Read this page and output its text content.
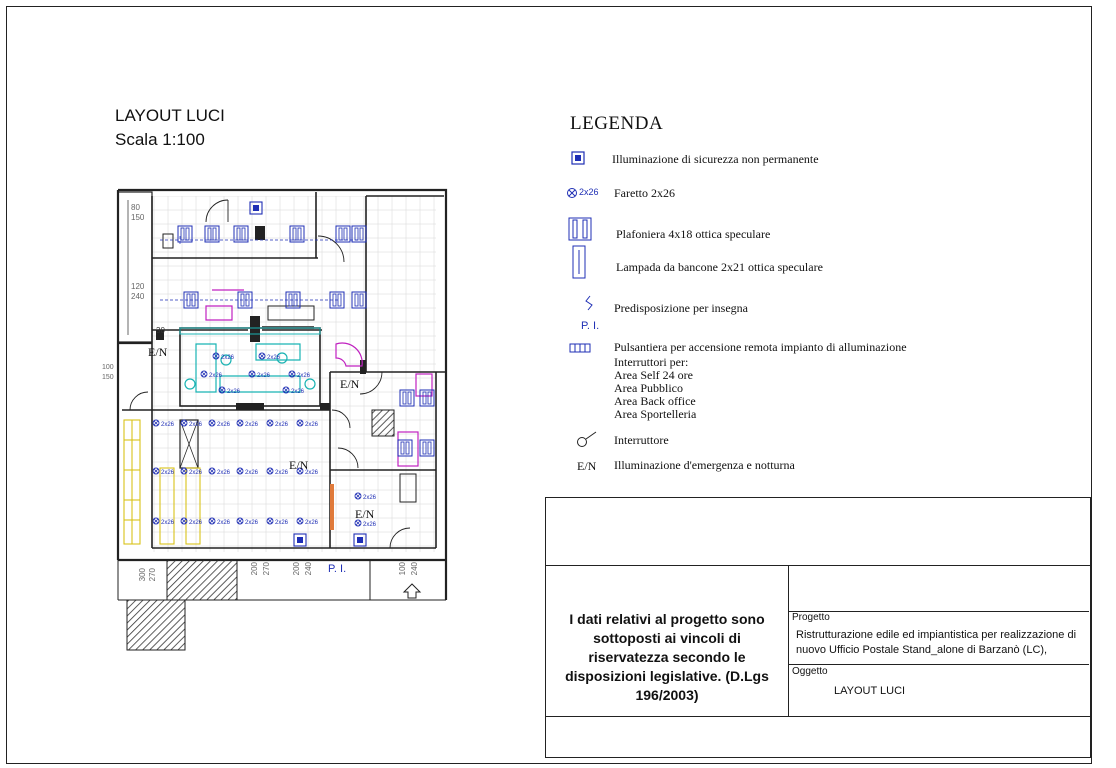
LAYOUT LUCI
Scala 1:100
2x26	2x26
2x26	2x26	2x26
2x26	2x26
2x26 2x26 2x26 2x26	2x26	2x26
2x26 2x26 2x26 2x26	2x26	2x26
2x26 2x26 2x26 2x26	2x26	2x26
2x26
2x26
E/N
E/N
E/N
E/N
P. I.
30
80
150
120
240
100
150
300 270	200 270	200 240	100 240
LEGENDA
2x26
P. I.
E/N
Illuminazione di sicurezza non permanente
Faretto 2x26
Plafoniera 4x18 ottica speculare
Lampada da bancone 2x21 ottica speculare
Predisposizione per insegna
Pulsantiera per accensione remota impianto di alluminazione
Interruttori per:
Area Self 24 ore
Area Pubblico
Area Back office
Area Sportelleria
Interruttore
Illuminazione d'emergenza e notturna
I dati relativi al progetto sono sottoposti ai vincoli di riservatezza secondo le disposizioni legislative. (D.Lgs 196/2003)
Progetto
Ristrutturazione edile ed impiantistica per realizzazione di nuovo Ufficio Postale Stand_alone di Barzanò (LC),
Oggetto
LAYOUT LUCI
